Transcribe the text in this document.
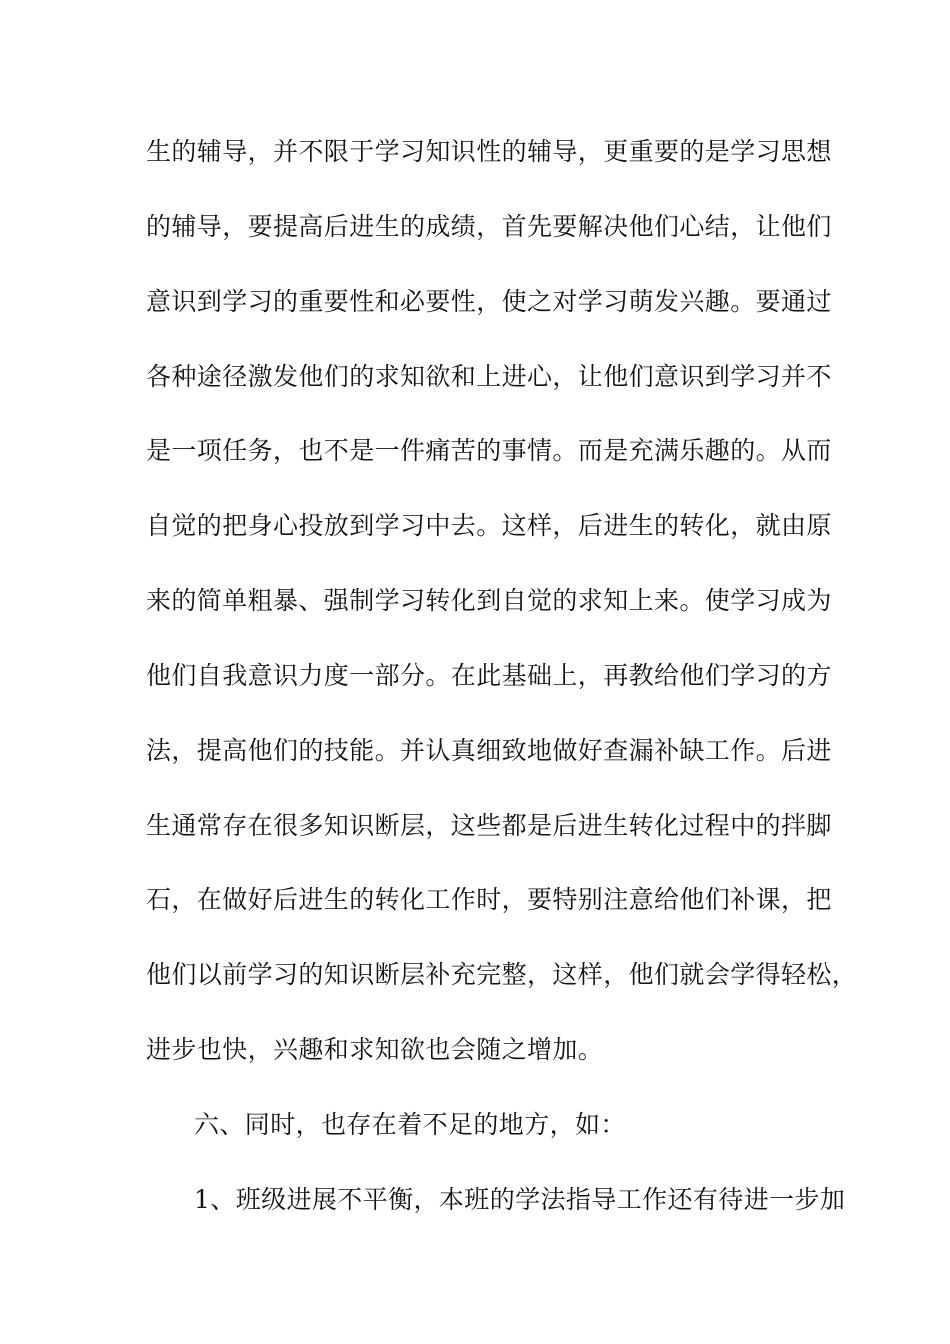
生的辅导，并不限于学习知识性的辅导，更重要的是学习思想
的辅导，要提高后进生的成绩，首先要解决他们心结，让他们
意识到学习的重要性和必要性，使之对学习萌发兴趣。要通过
各种途径激发他们的求知欲和上进心，让他们意识到学习并不
是一项任务，也不是一件痛苦的事情。而是充满乐趣的。从而
自觉的把身心投放到学习中去。这样，后进生的转化，就由原
来的简单粗暴、强制学习转化到自觉的求知上来。使学习成为
他们自我意识力度一部分。在此基础上，再教给他们学习的方
法，提高他们的技能。并认真细致地做好查漏补缺工作。后进
生通常存在很多知识断层，这些都是后进生转化过程中的拌脚
石，在做好后进生的转化工作时，要特别注意给他们补课，把
他们以前学习的知识断层补充完整，这样，他们就会学得轻松，
进步也快，兴趣和求知欲也会随之增加。
六、同时，也存在着不足的地方，如：
1、班级进展不平衡，本班的学法指导工作还有待进一步加
